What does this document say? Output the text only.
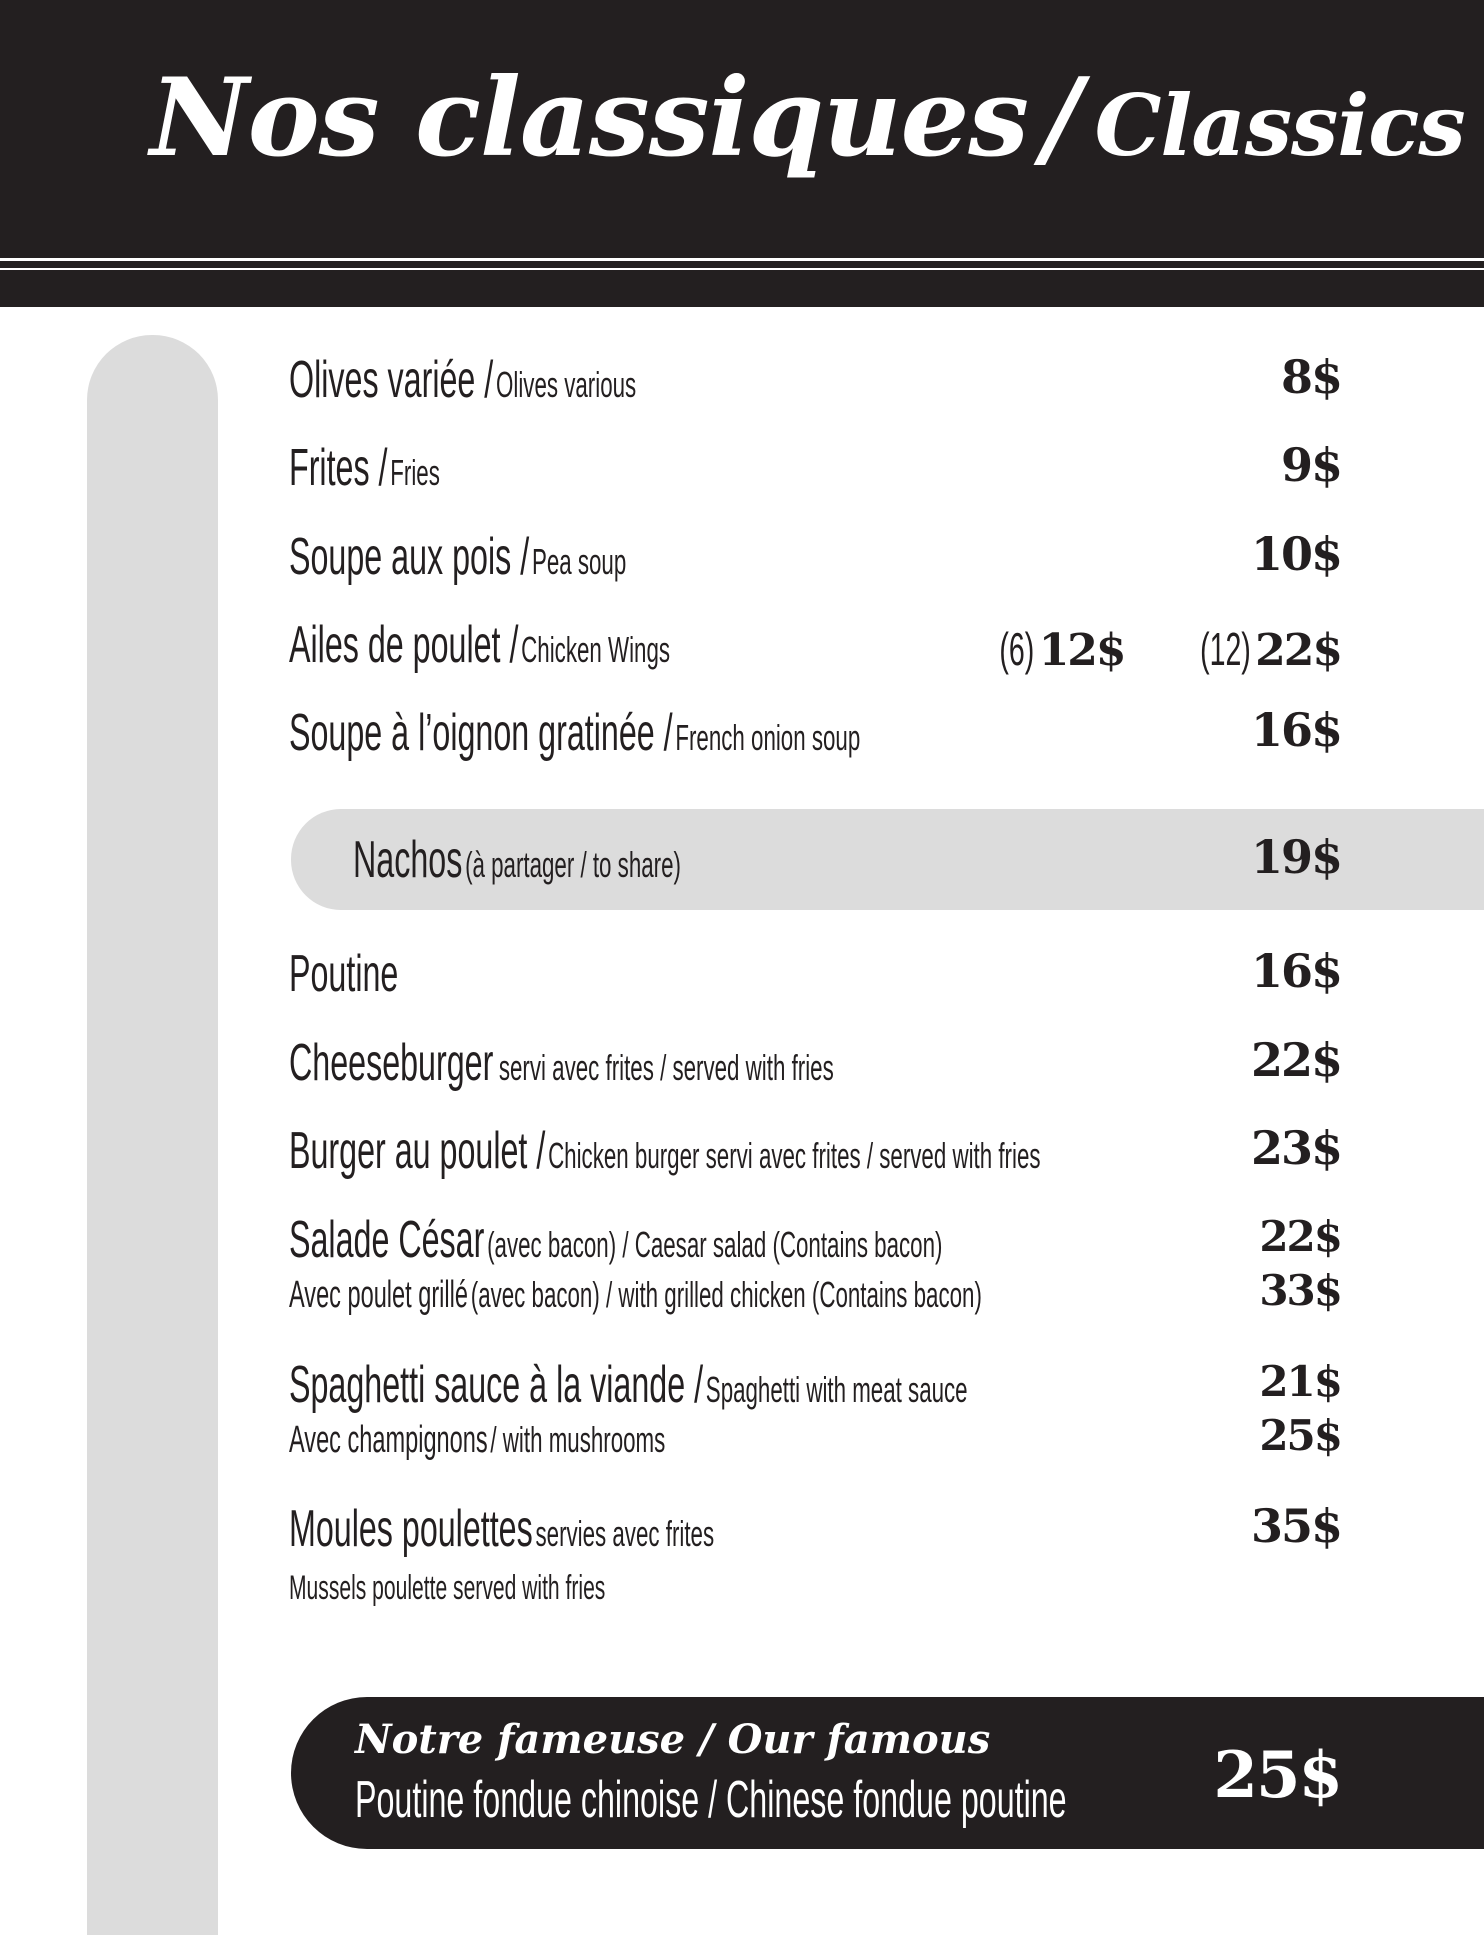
Nos classiques / Classics
Olives variée / Olives various	8$
Frites / Fries	9$
Soupe aux pois / Pea soup	10$
Ailes de poulet / Chicken Wings	(6) 12$	(12) 22$
Soupe à l’oignon gratinée / French onion soup	16$
Nachos (à partager / to share)	19$
Poutine	16$
Cheeseburger servi avec frites / served with fries	22$
Burger au poulet / Chicken burger servi avec frites / served with fries	23$
Salade César (avec bacon) / Caesar salad (Contains bacon)	22$
Avec poulet grillé (avec bacon) / with grilled chicken (Contains bacon)	33$
Spaghetti sauce à la viande / Spaghetti with meat sauce	21$
Avec champignons / with mushrooms	25$
Moules poulettes servies avec frites	35$
Mussels poulette served with fries
Notre fameuse / Our famous
Poutine fondue chinoise / Chinese fondue poutine	25$
